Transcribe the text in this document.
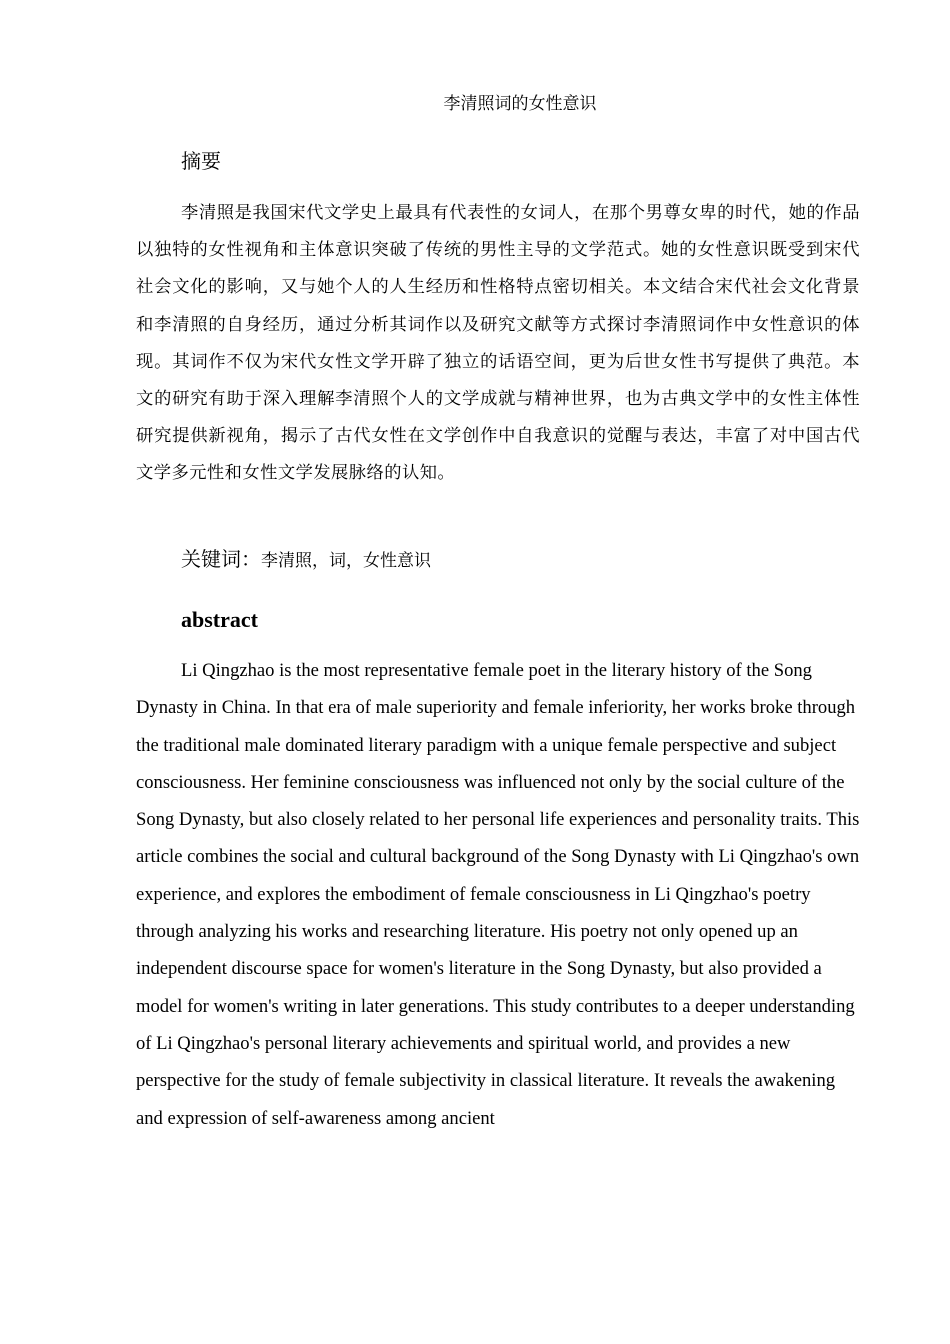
李清照词的女性意识
摘要

李清照是我国宋代文学史上最具有代表性的女词人，在那个男尊女卑的时代，她的作品以独特的女性视角和主体意识突破了传统的男性主导的文学范式。她的女性意识既受到宋代社会文化的影响，又与她个人的人生经历和性格特点密切相关。本文结合宋代社会文化背景和李清照的自身经历，通过分析其词作以及研究文献等方式探讨李清照词作中女性意识的体现。其词作不仅为宋代女性文学开辟了独立的话语空间，更为后世女性书写提供了典范。本文的研究有助于深入理解李清照个人的文学成就与精神世界，也为古典文学中的女性主体性研究提供新视角，揭示了古代女性在文学创作中自我意识的觉醒与表达，丰富了对中国古代文学多元性和女性文学发展脉络的认知。

关键词：李清照，词，女性意识
abstract

Li Qingzhao is the most representative female poet in the literary history of the Song Dynasty in China. In that era of male superiority and female inferiority, her works broke through the traditional male dominated literary paradigm with a unique female perspective and subject consciousness. Her feminine consciousness was influenced not only by the social culture of the Song Dynasty, but also closely related to her personal life experiences and personality traits. This article combines the social and cultural background of the Song Dynasty with Li Qingzhao's own experience, and explores the embodiment of female consciousness in Li Qingzhao's poetry through analyzing his works and researching literature. His poetry not only opened up an independent discourse space for women's literature in the Song Dynasty, but also provided a model for women's writing in later generations. This study contributes to a deeper understanding of Li Qingzhao's personal literary achievements and spiritual world, and provides a new perspective for the study of female subjectivity in classical literature. It reveals the awakening and expression of self-awareness among ancient
